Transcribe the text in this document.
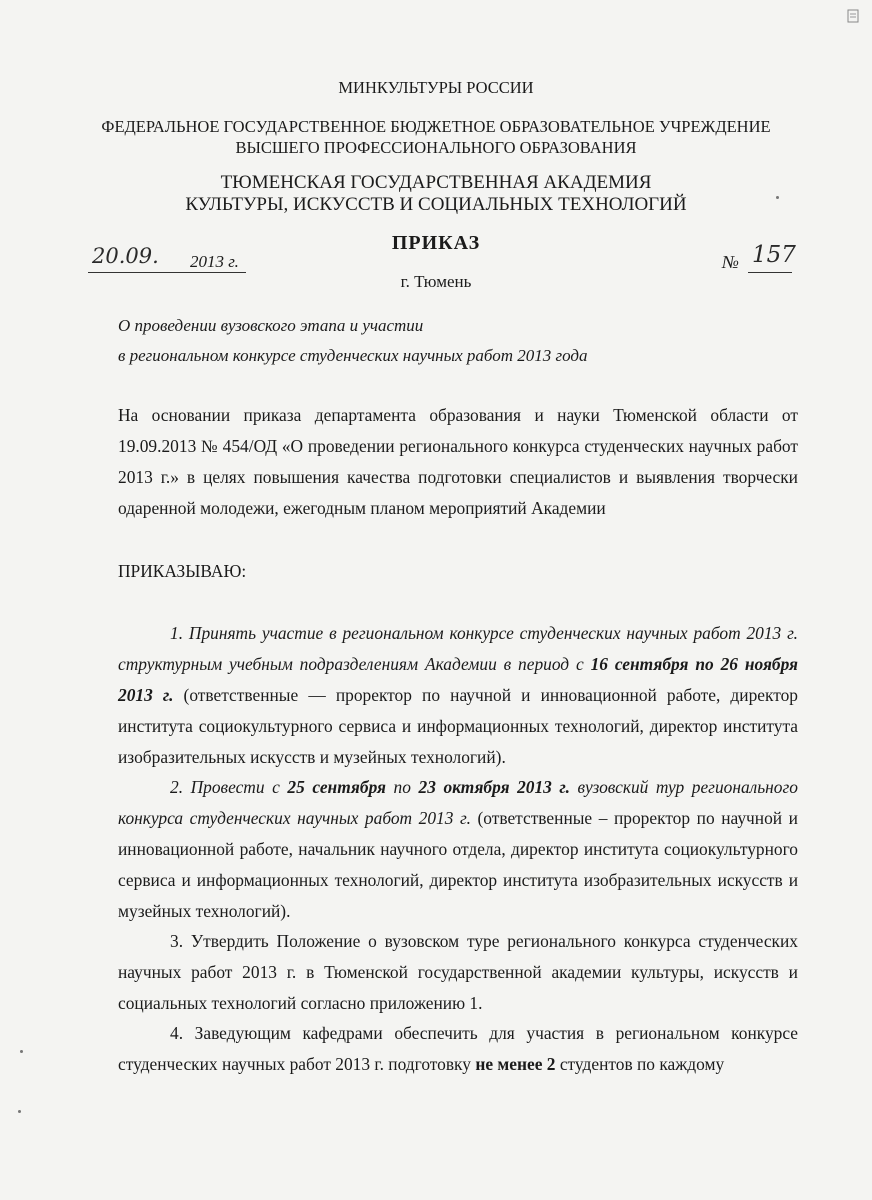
МИНКУЛЬТУРЫ РОССИИ
ФЕДЕРАЛЬНОЕ ГОСУДАРСТВЕННОЕ БЮДЖЕТНОЕ ОБРАЗОВАТЕЛЬНОЕ УЧРЕЖДЕНИЕ
ВЫСШЕГО ПРОФЕССИОНАЛЬНОГО ОБРАЗОВАНИЯ
ТЮМЕНСКАЯ ГОСУДАРСТВЕННАЯ АКАДЕМИЯ
КУЛЬТУРЫ, ИСКУССТВ И СОЦИАЛЬНЫХ ТЕХНОЛОГИЙ
ПРИКАЗ
20.09. 2013 г.	№ 157
г. Тюмень
О проведении вузовского этапа и участии
в региональном конкурсе студенческих научных работ 2013 года
На основании приказа департамента образования и науки Тюменской области от 19.09.2013 № 454/ОД «О проведении регионального конкурса студенческих научных работ 2013 г.» в целях повышения качества подготовки специалистов и выявления творчески одаренной молодежи, ежегодным планом мероприятий Академии
ПРИКАЗЫВАЮ:
1. Принять участие в региональном конкурсе студенческих научных работ 2013 г. структурным учебным подразделениям Академии в период с 16 сентября по 26 ноября 2013 г. (ответственные — проректор по научной и инновационной работе, директор института социокультурного сервиса и информационных технологий, директор института изобразительных искусств и музейных технологий).
2. Провести с 25 сентября по 23 октября 2013 г. вузовский тур регионального конкурса студенческих научных работ 2013 г. (ответственные – проректор по научной и инновационной работе, начальник научного отдела, директор института социокультурного сервиса и информационных технологий, директор института изобразительных искусств и музейных технологий).
3. Утвердить Положение о вузовском туре регионального конкурса студенческих научных работ 2013 г. в Тюменской государственной академии культуры, искусств и социальных технологий согласно приложению 1.
4. Заведующим кафедрами обеспечить для участия в региональном конкурсе студенческих научных работ 2013 г. подготовку не менее 2 студентов по каждому
